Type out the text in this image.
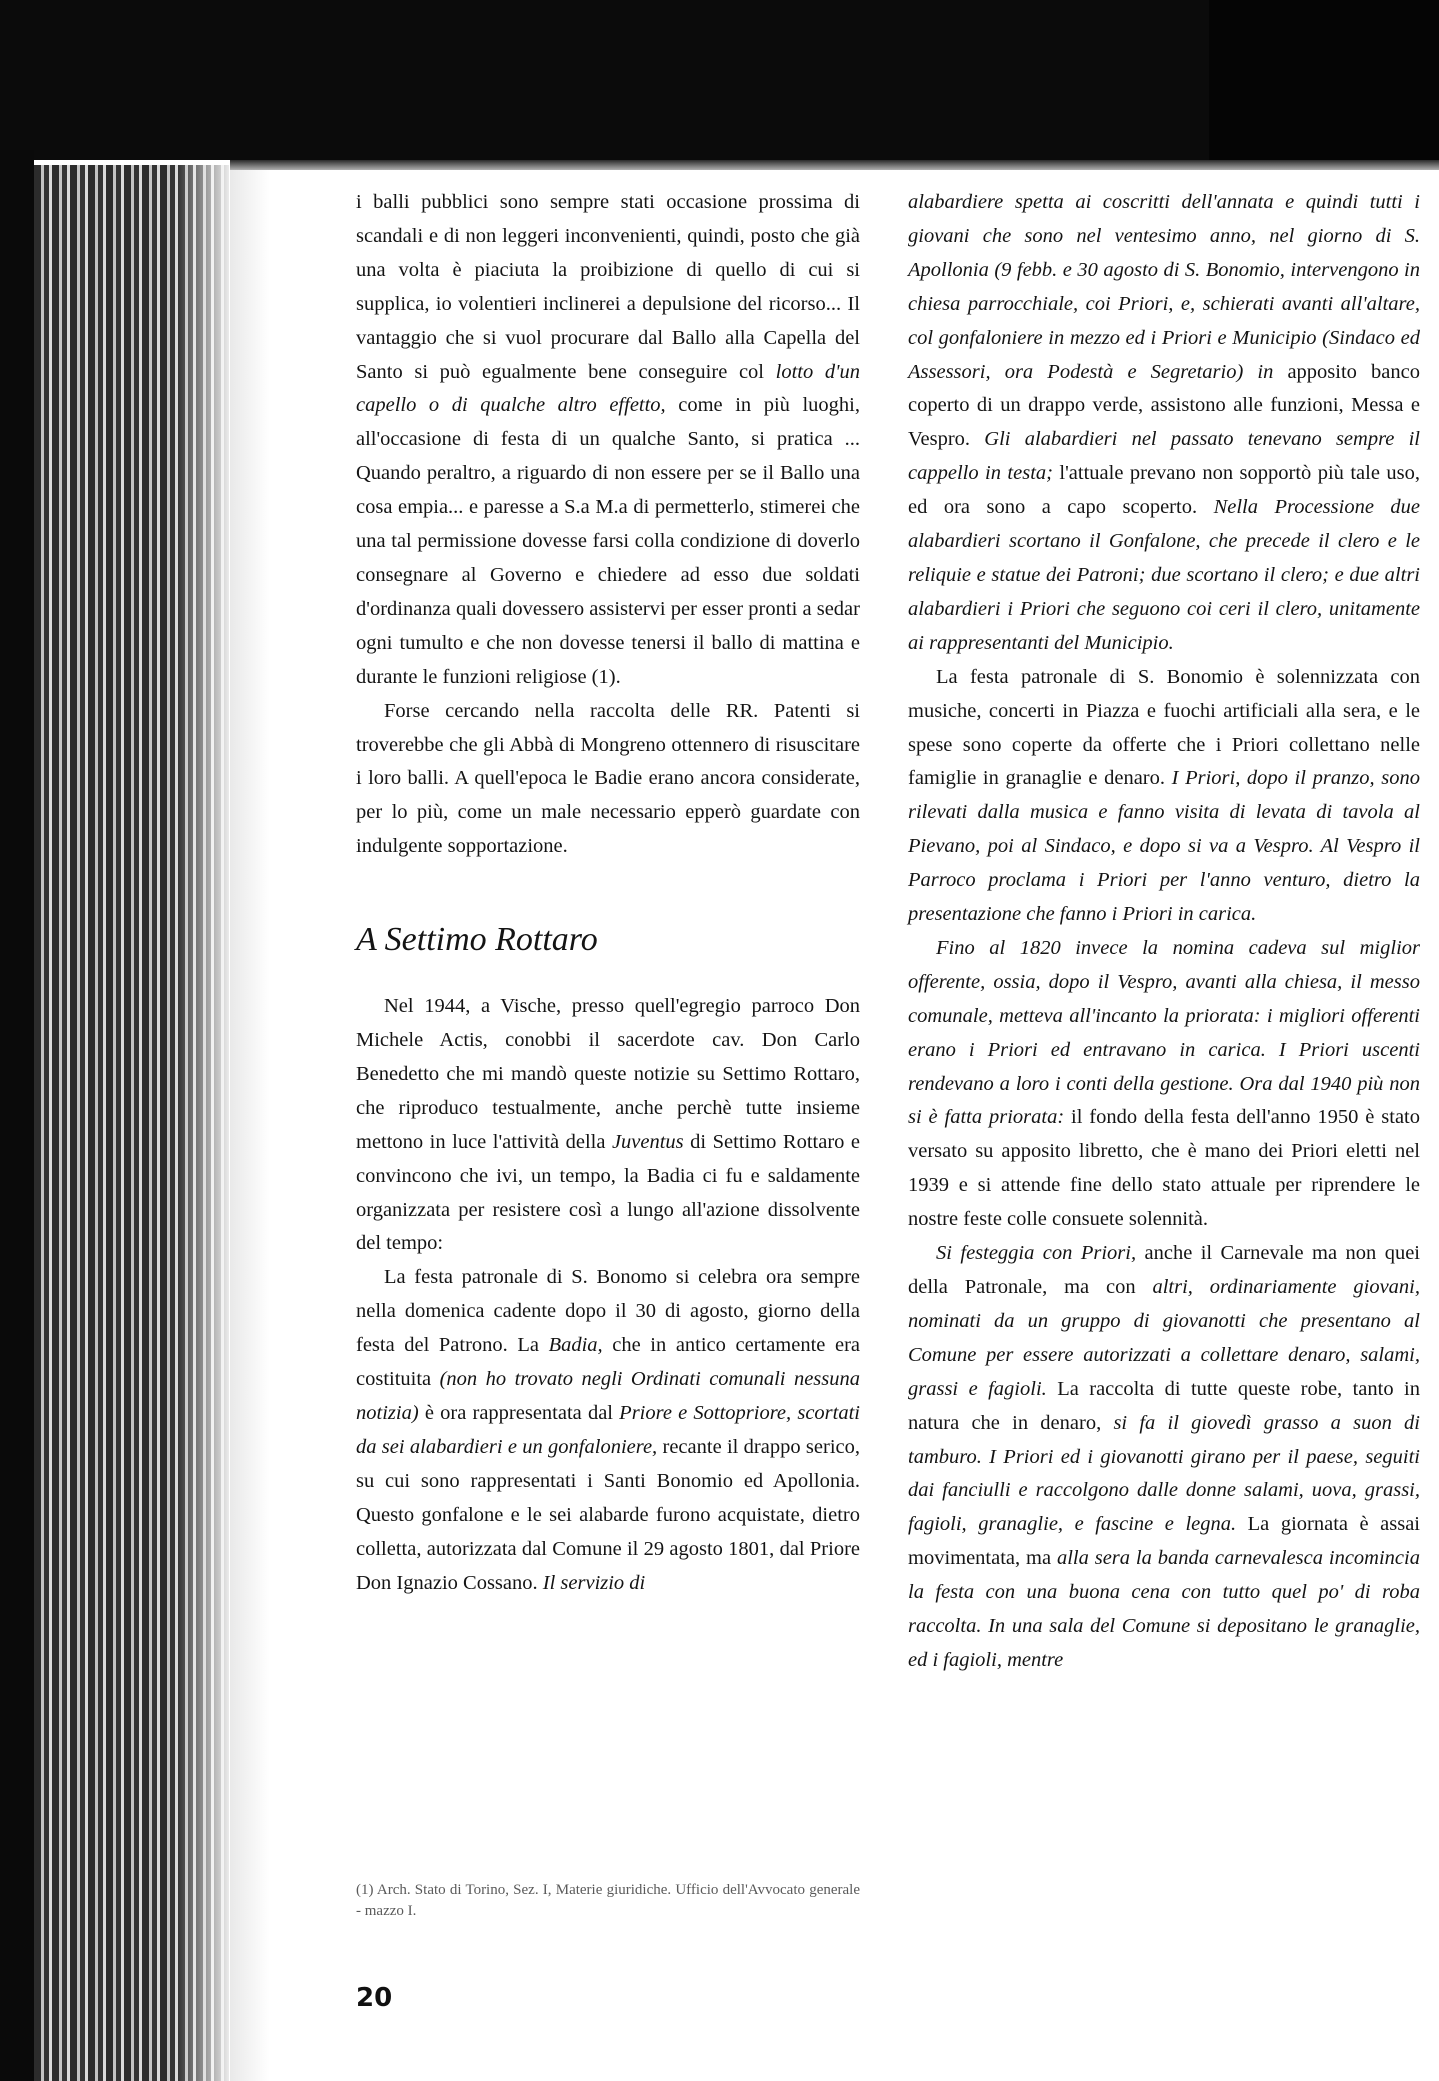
i balli pubblici sono sempre stati occasione prossima di scandali e di non leggeri inconvenienti, quindi, posto che già una volta è piaciuta la proibizione di quello di cui si supplica, io volentieri inclinerei a depulsione del ricorso... Il vantaggio che si vuol procurare dal Ballo alla Capella del Santo si può egualmente bene conseguire col lotto d'un capello o di qualche altro effetto, come in più luoghi, all'occasione di festa di un qualche Santo, si pratica ... Quando peraltro, a riguardo di non essere per se il Ballo una cosa empia... e paresse a S.a M.a di permetterlo, stimerei che una tal permissione dovesse farsi colla condizione di doverlo consegnare al Governo e chiedere ad esso due soldati d'ordinanza quali dovessero assistervi per esser pronti a sedar ogni tumulto e che non dovesse tenersi il ballo di mattina e durante le funzioni religiose (1).

Forse cercando nella raccolta delle RR. Patenti si troverebbe che gli Abbà di Mongreno ottennero di risuscitare i loro balli. A quell'epoca le Badie erano ancora considerate, per lo più, come un male necessario epperò guardate con indulgente sopportazione.

A Settimo Rottaro

Nel 1944, a Vische, presso quell'egregio parroco Don Michele Actis, conobbi il sacerdote cav. Don Carlo Benedetto che mi mandò queste notizie su Settimo Rottaro, che riproduco testualmente, anche perchè tutte insieme mettono in luce l'attività della Juventus di Settimo Rottaro e convincono che ivi, un tempo, la Badia ci fu e saldamente organizzata per resistere così a lungo all'azione dissolvente del tempo:

La festa patronale di S. Bonomo si celebra ora sempre nella domenica cadente dopo il 30 di agosto, giorno della festa del Patrono. La Badia, che in antico certamente era costituita (non ho trovato negli Ordinati comunali nessuna notizia) è ora rappresentata dal Priore e Sottopriore, scortati da sei alabardieri e un gonfaloniere, recante il drappo serico, su cui sono rappresentati i Santi Bonomio ed Apollonia. Questo gonfalone e le sei alabarde furono acquistate, dietro colletta, autorizzata dal Comune il 29 agosto 1801, dal Priore Don Ignazio Cossano. Il servizio di

alabardiere spetta ai coscritti dell'annata e quindi tutti i giovani che sono nel ventesimo anno, nel giorno di S. Apollonia (9 febb. e 30 agosto di S. Bonomio, intervengono in chiesa parrocchiale, coi Priori, e, schierati avanti all'altare, col gonfaloniere in mezzo ed i Priori e Municipio (Sindaco ed Assessori, ora Podestà e Segretario) in apposito banco coperto di un drappo verde, assistono alle funzioni, Messa e Vespro. Gli alabardieri nel passato tenevano sempre il cappello in testa; l'attuale prevano non sopportò più tale uso, ed ora sono a capo scoperto. Nella Processione due alabardieri scortano il Gonfalone, che precede il clero e le reliquie e statue dei Patroni; due scortano il clero; e due altri alabardieri i Priori che seguono coi ceri il clero, unitamente ai rappresentanti del Municipio.

La festa patronale di S. Bonomio è solennizzata con musiche, concerti in Piazza e fuochi artificiali alla sera, e le spese sono coperte da offerte che i Priori collettano nelle famiglie in granaglie e denaro. I Priori, dopo il pranzo, sono rilevati dalla musica e fanno visita di levata di tavola al Pievano, poi al Sindaco, e dopo si va a Vespro. Al Vespro il Parroco proclama i Priori per l'anno venturo, dietro la presentazione che fanno i Priori in carica.

Fino al 1820 invece la nomina cadeva sul miglior offerente, ossia, dopo il Vespro, avanti alla chiesa, il messo comunale, metteva all'incanto la priorata: i migliori offerenti erano i Priori ed entravano in carica. I Priori uscenti rendevano a loro i conti della gestione. Ora dal 1940 più non si è fatta priorata: il fondo della festa dell'anno 1950 è stato versato su apposito libretto, che è mano dei Priori eletti nel 1939 e si attende fine dello stato attuale per riprendere le nostre feste colle consuete solennità.

Si festeggia con Priori, anche il Carnevale ma non quei della Patronale, ma con altri, ordinariamente giovani, nominati da un gruppo di giovanotti che presentano al Comune per essere autorizzati a collettare denaro, salami, grassi e fagioli. La raccolta di tutte queste robe, tanto in natura che in denaro, si fa il giovedì grasso a suon di tamburo. I Priori ed i giovanotti girano per il paese, seguiti dai fanciulli e raccolgono dalle donne salami, uova, grassi, fagioli, granaglie, e fascine e legna. La giornata è assai movimentata, ma alla sera la banda carnevalesca incomincia la festa con una buona cena con tutto quel po' di roba raccolta. In una sala del Comune si depositano le granaglie, ed i fagioli, mentre

(1) Arch. Stato di Torino, Sez. I, Materie giuridiche. Ufficio dell'Avvocato generale - mazzo I.
20
